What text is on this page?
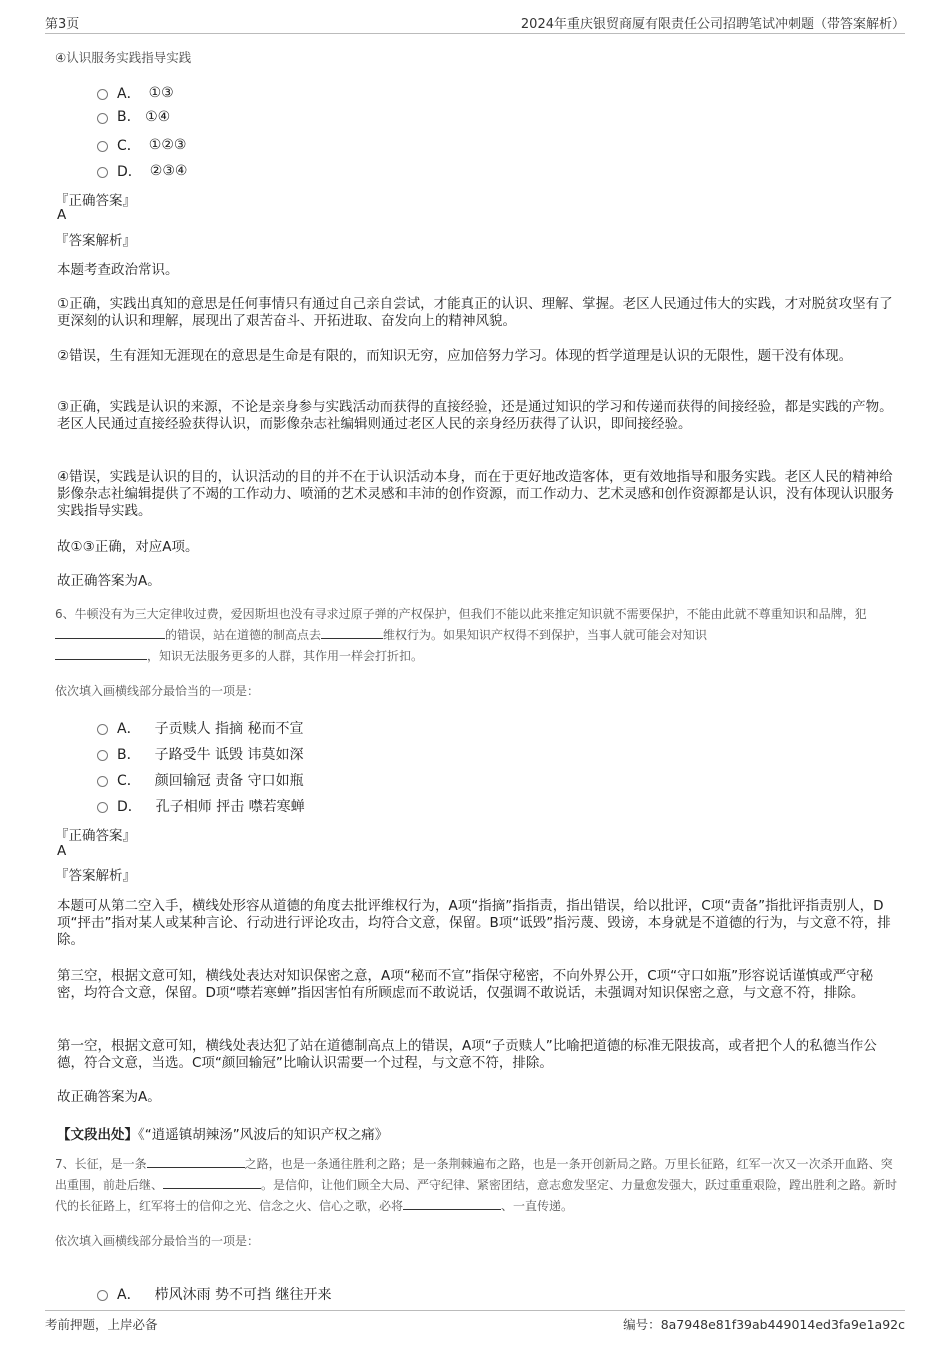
第3页	2024年重庆银贸商厦有限责任公司招聘笔试冲刺题（带答案解析）
④认识服务实践指导实践
A． ①③
B. ①④
C． ①②③
D． ②③④
『正确答案』
A
『答案解析』
本题考查政治常识。
①正确，实践出真知的意思是任何事情只有通过自己亲自尝试，才能真正的认识、理解、掌握。老区人民通过伟大的实践，才对脱贫攻坚有了更深刻的认识和理解，展现出了艰苦奋斗、开拓进取、奋发向上的精神风貌。
②错误，生有涯知无涯现在的意思是生命是有限的，而知识无穷，应加倍努力学习。体现的哲学道理是认识的无限性，题干没有体现。
③正确，实践是认识的来源，不论是亲身参与实践活动而获得的直接经验，还是通过知识的学习和传递而获得的间接经验，都是实践的产物。老区人民通过直接经验获得认识，而影像杂志社编辑则通过老区人民的亲身经历获得了认识，即间接经验。
④错误，实践是认识的目的，认识活动的目的并不在于认识活动本身，而在于更好地改造客体，更有效地指导和服务实践。老区人民的精神给影像杂志社编辑提供了不竭的工作动力、喷涌的艺术灵感和丰沛的创作资源，而工作动力、艺术灵感和创作资源都是认识，没有体现认识服务实践指导实践。
故①③正确，对应A项。
故正确答案为A。
6、牛顿没有为三大定律收过费，爱因斯坦也没有寻求过原子弹的产权保护，但我们不能以此来推定知识就不需要保护，不能由此就不尊重知识和品牌，犯的错误，站在道德的制高点去	维权行为。如果知识产权得不到保护，当事人就可能会对知识
，知识无法服务更多的人群，其作用一样会打折扣。
依次填入画横线部分最恰当的一项是：
A． 子贡赎人 指摘 秘而不宣
B． 子路受牛 诋毁 讳莫如深
C． 颜回输冠 责备 守口如瓶
D． 孔子相师 抨击 噤若寒蝉
『正确答案』
A
『答案解析』
本题可从第二空入手，横线处形容从道德的角度去批评维权行为，A项“指摘”指指责，指出错误，给以批评，C项“责备”指批评指责别人，D项“抨击”指对某人或某种言论、行动进行评论攻击，均符合文意，保留。B项“诋毁”指污蔑、毁谤，本身就是不道德的行为，与文意不符，排除。
第三空，根据文意可知，横线处表达对知识保密之意，A项“秘而不宣”指保守秘密，不向外界公开，C项“守口如瓶”形容说话谨慎或严守秘密，均符合文意，保留。D项“噤若寒蝉”指因害怕有所顾虑而不敢说话，仅强调不敢说话，未强调对知识保密之意，与文意不符，排除。
第一空，根据文意可知，横线处表达犯了站在道德制高点上的错误，A项“子贡赎人”比喻把道德的标准无限拔高，或者把个人的私德当作公德，符合文意，当选。C项“颜回输冠”比喻认识需要一个过程，与文意不符，排除。
故正确答案为A。
【文段出处】《“逍遥镇胡辣汤”风波后的知识产权之痛》
7、长征，是一条	之路，也是一条通往胜利之路；是一条荆棘遍布之路，也是一条开创新局之路。万里长征路，红军一次又一次杀开血路、突出重围，前赴后继、	。是信仰，让他们顾全大局、严守纪律、紧密团结，意志愈发坚定、力量愈发强大，跃过重重艰险，蹚出胜利之路。新时代的长征路上，红军将士的信仰之光、信念之火、信心之歌，必将	、一直传递。
依次填入画横线部分最恰当的一项是：
A． 栉风沐雨 势不可挡 继往开来
考前押题，上岸必备	编号：8a7948e81f39ab449014ed3fa9e1a92c
